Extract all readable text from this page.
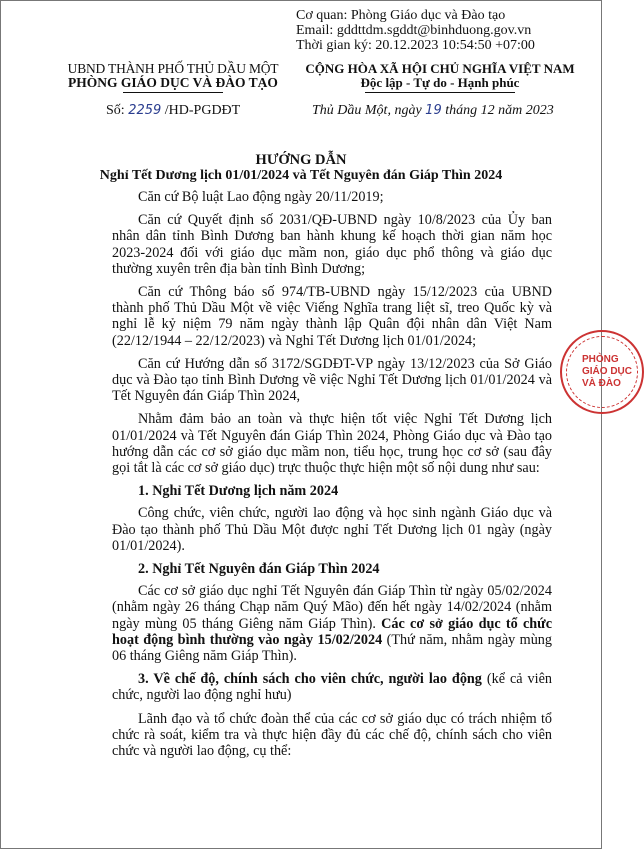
Cơ quan: Phòng Giáo dục và Đào tạo
Email: gddttdm.sgddt@binhduong.gov.vn
Thời gian ký: 20.12.2023 10:54:50 +07:00
UBND THÀNH PHỐ THỦ DẦU MỘT
PHÒNG GIÁO DỤC VÀ ĐÀO TẠO
CỘNG HÒA XÃ HỘI CHỦ NGHĨA VIỆT NAM
Độc lập - Tự do - Hạnh phúc
Số: 2259 /HD-PGDĐT	Thủ Dầu Một, ngày 19 tháng 12 năm 2023
HƯỚNG DẪN
Nghỉ Tết Dương lịch 01/01/2024 và Tết Nguyên đán Giáp Thìn 2024
PHÒNG GIÁO DỤC VÀ ĐÀO

Căn cứ Bộ luật Lao động ngày 20/11/2019;

Căn cứ Quyết định số 2031/QĐ-UBND ngày 10/8/2023 của Ủy ban nhân dân tỉnh Bình Dương ban hành khung kế hoạch thời gian năm học 2023-2024 đối với giáo dục mầm non, giáo dục phổ thông và giáo dục thường xuyên trên địa bàn tỉnh Bình Dương;

Căn cứ Thông báo số 974/TB-UBND ngày 15/12/2023 của UBND thành phố Thủ Dầu Một về việc Viếng Nghĩa trang liệt sĩ, treo Quốc kỳ và nghỉ lễ kỷ niệm 79 năm ngày thành lập Quân đội nhân dân Việt Nam (22/12/1944 – 22/12/2023) và Nghỉ Tết Dương lịch 01/01/2024;

Căn cứ Hướng dẫn số 3172/SGDĐT-VP ngày 13/12/2023 của Sở Giáo dục và Đào tạo tỉnh Bình Dương về việc Nghỉ Tết Dương lịch 01/01/2024 và Tết Nguyên đán Giáp Thìn 2024,

Nhằm đảm bảo an toàn và thực hiện tốt việc Nghỉ Tết Dương lịch 01/01/2024 và Tết Nguyên đán Giáp Thìn 2024, Phòng Giáo dục và Đào tạo hướng dẫn các cơ sở giáo dục mầm non, tiểu học, trung học cơ sở (sau đây gọi tắt là các cơ sở giáo dục) trực thuộc thực hiện một số nội dung như sau:

1. Nghỉ Tết Dương lịch năm 2024

Công chức, viên chức, người lao động và học sinh ngành Giáo dục và Đào tạo thành phố Thủ Dầu Một được nghỉ Tết Dương lịch 01 ngày (ngày 01/01/2024).

2. Nghỉ Tết Nguyên đán Giáp Thìn 2024

Các cơ sở giáo dục nghỉ Tết Nguyên đán Giáp Thìn từ ngày 05/02/2024 (nhằm ngày 26 tháng Chạp năm Quý Mão) đến hết ngày 14/02/2024 (nhằm ngày mùng 05 tháng Giêng năm Giáp Thìn). Các cơ sở giáo dục tổ chức hoạt động bình thường vào ngày 15/02/2024 (Thứ năm, nhằm ngày mùng 06 tháng Giêng năm Giáp Thìn).

3. Về chế độ, chính sách cho viên chức, người lao động (kể cả viên chức, người lao động nghỉ hưu)

Lãnh đạo và tổ chức đoàn thể của các cơ sở giáo dục có trách nhiệm tổ chức rà soát, kiểm tra và thực hiện đầy đủ các chế độ, chính sách cho viên chức và người lao động, cụ thể:
